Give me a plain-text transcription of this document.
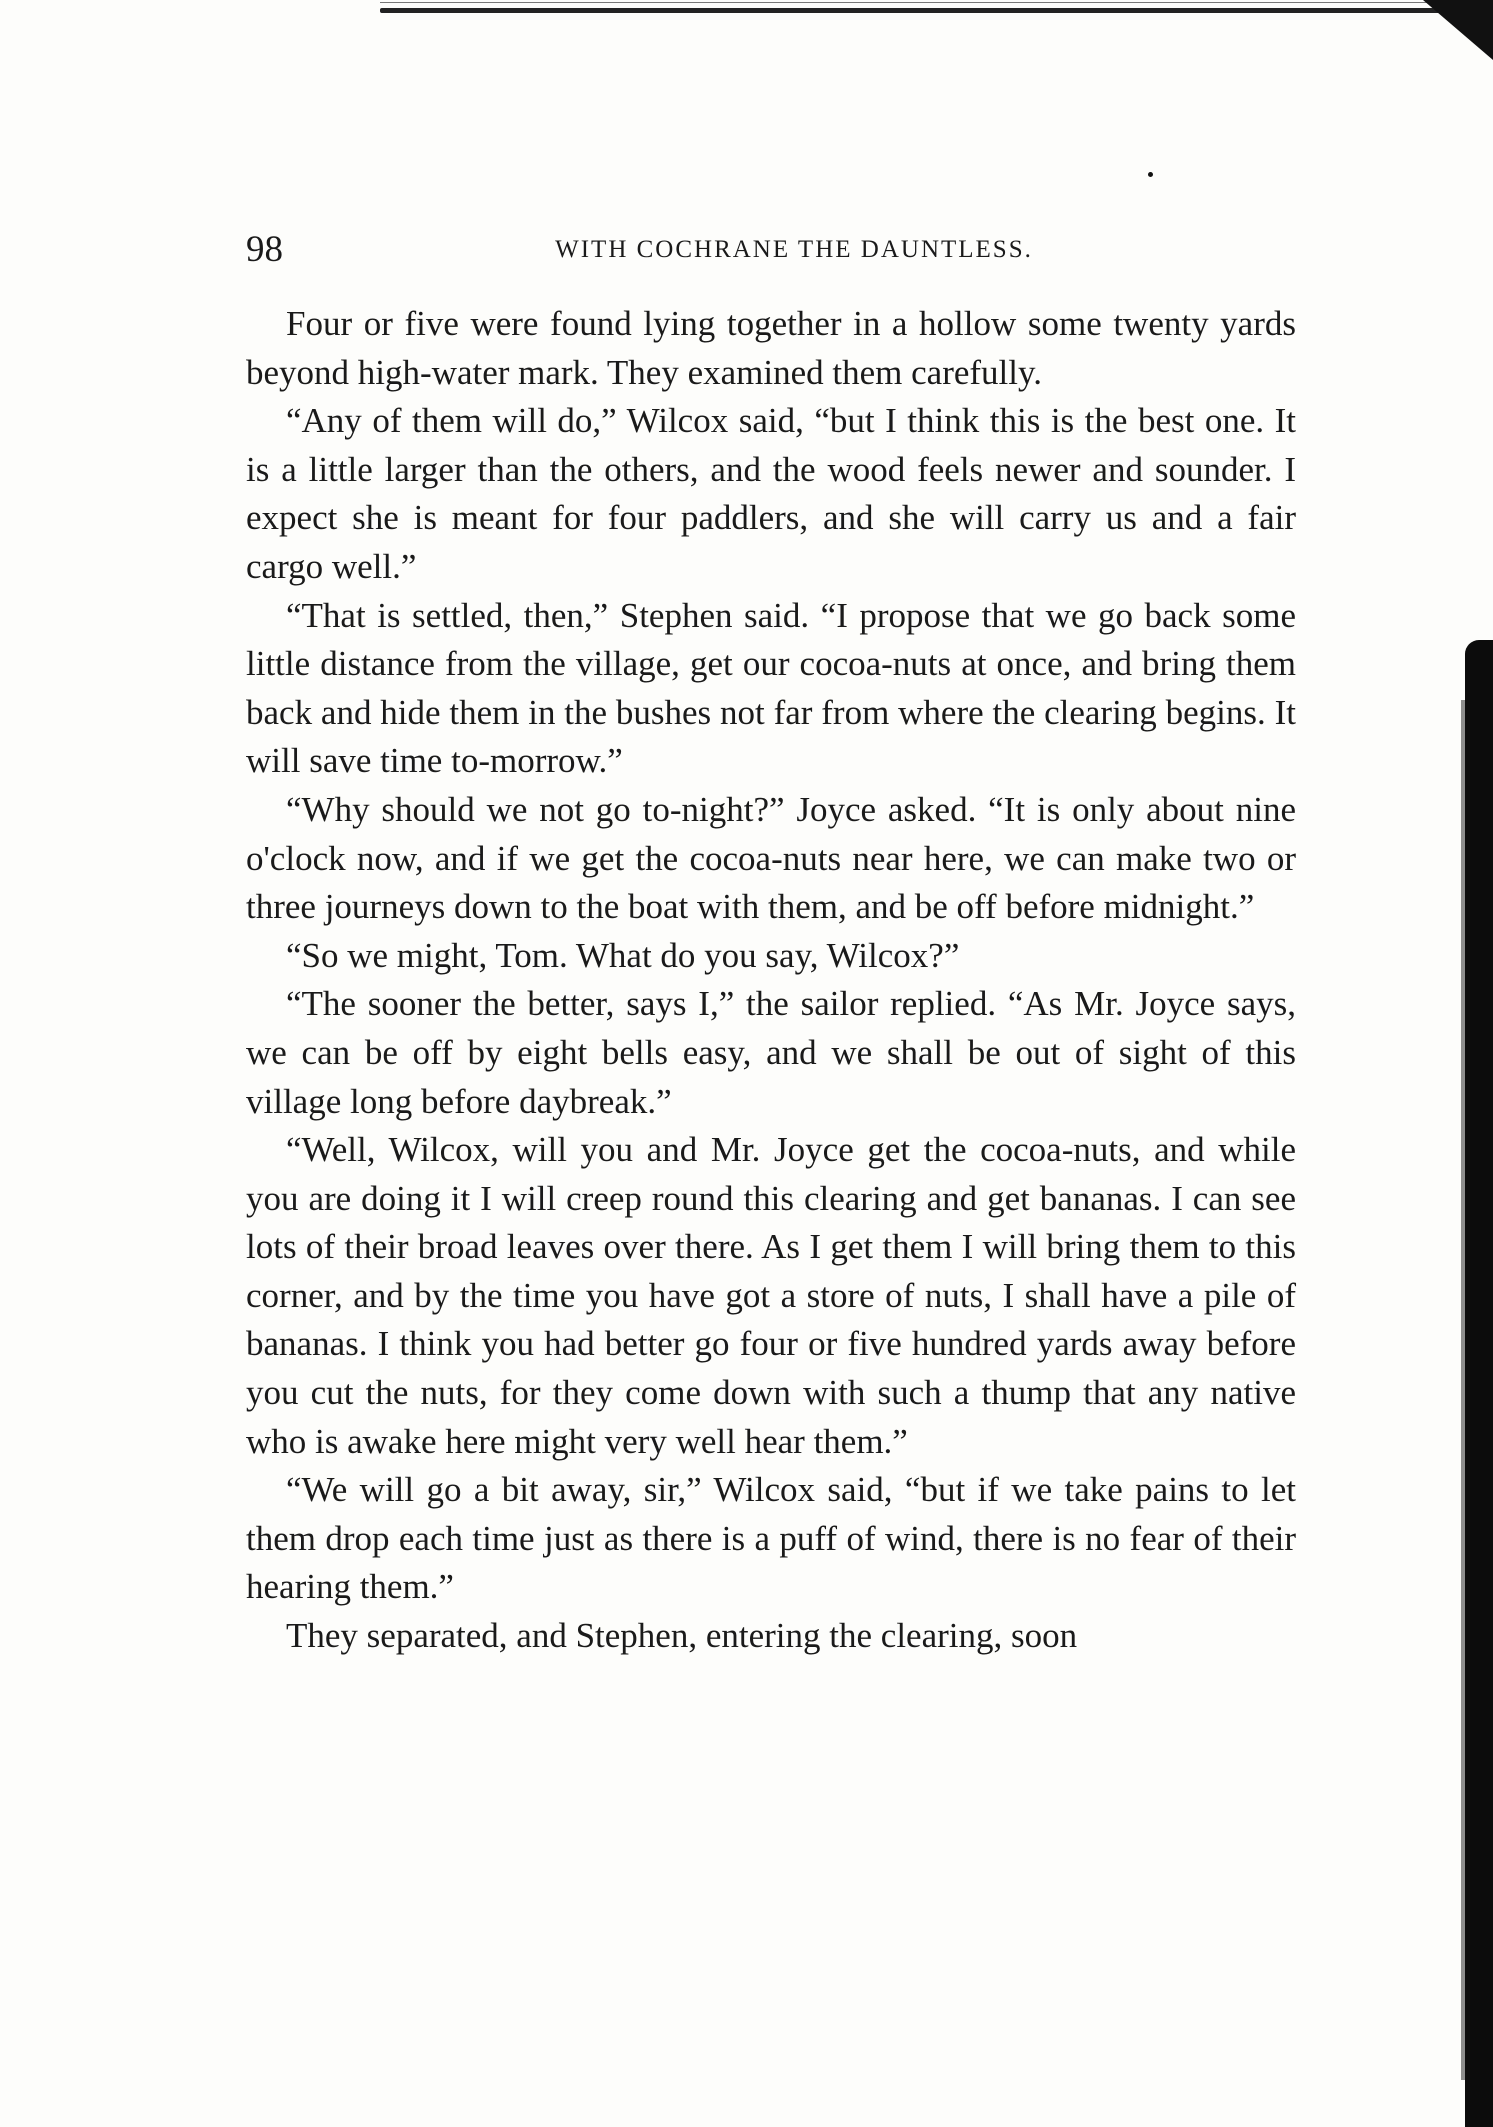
98	WITH COCHRANE THE DAUNTLESS.

Four or five were found lying together in a hollow some twenty yards beyond high-water mark. They examined them carefully.

“Any of them will do,” Wilcox said, “but I think this is the best one. It is a little larger than the others, and the wood feels newer and sounder. I expect she is meant for four paddlers, and she will carry us and a fair cargo well.”

“That is settled, then,” Stephen said. “I propose that we go back some little distance from the village, get our cocoa-nuts at once, and bring them back and hide them in the bushes not far from where the clearing begins. It will save time to-morrow.”

“Why should we not go to-night?” Joyce asked. “It is only about nine o'clock now, and if we get the cocoa-nuts near here, we can make two or three journeys down to the boat with them, and be off before midnight.”

“So we might, Tom. What do you say, Wilcox?”

“The sooner the better, says I,” the sailor replied. “As Mr. Joyce says, we can be off by eight bells easy, and we shall be out of sight of this village long before daybreak.”

“Well, Wilcox, will you and Mr. Joyce get the cocoa-nuts, and while you are doing it I will creep round this clearing and get bananas. I can see lots of their broad leaves over there. As I get them I will bring them to this corner, and by the time you have got a store of nuts, I shall have a pile of bananas. I think you had better go four or five hundred yards away before you cut the nuts, for they come down with such a thump that any native who is awake here might very well hear them.”

“We will go a bit away, sir,” Wilcox said, “but if we take pains to let them drop each time just as there is a puff of wind, there is no fear of their hearing them.”

They separated, and Stephen, entering the clearing, soon
